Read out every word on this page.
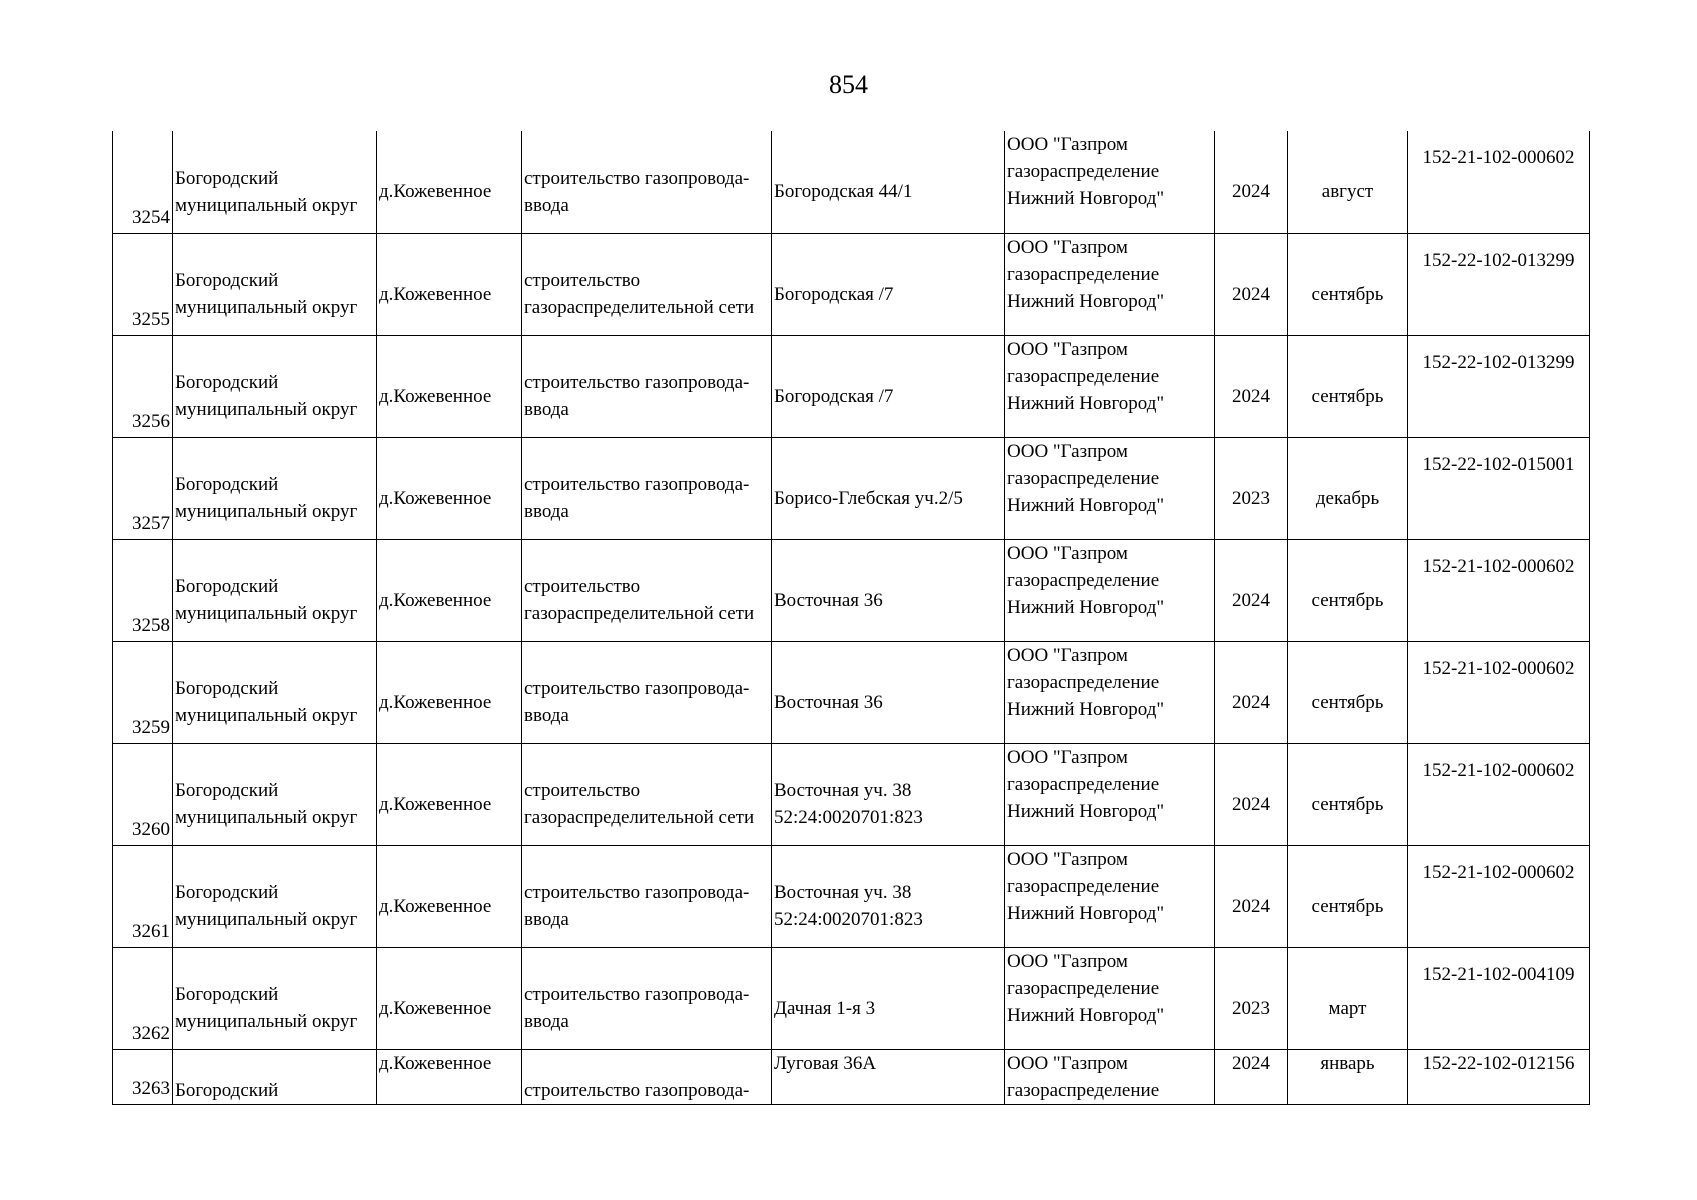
854
3254	Богородский
муниципальный округ	д.Кожевенное	строительство газопровода-
ввода	Богородская 44/1	ООО "Газпром
газораспределение
Нижний Новгород"	2024	август	152-21-102-000602

3255	Богородский
муниципальный округ	д.Кожевенное	строительство
газораспределительной сети	Богородская /7	ООО "Газпром
газораспределение
Нижний Новгород"	2024	сентябрь	152-22-102-013299

3256	Богородский
муниципальный округ	д.Кожевенное	строительство газопровода-
ввода	Богородская /7	ООО "Газпром
газораспределение
Нижний Новгород"	2024	сентябрь	152-22-102-013299

3257	Богородский
муниципальный округ	д.Кожевенное	строительство газопровода-
ввода	Борисо-Глебская уч.2/5	ООО "Газпром
газораспределение
Нижний Новгород"	2023	декабрь	152-22-102-015001

3258	Богородский
муниципальный округ	д.Кожевенное	строительство
газораспределительной сети	Восточная 36	ООО "Газпром
газораспределение
Нижний Новгород"	2024	сентябрь	152-21-102-000602

3259	Богородский
муниципальный округ	д.Кожевенное	строительство газопровода-
ввода	Восточная 36	ООО "Газпром
газораспределение
Нижний Новгород"	2024	сентябрь	152-21-102-000602

3260	Богородский
муниципальный округ	д.Кожевенное	строительство
газораспределительной сети	Восточная уч. 38
52:24:0020701:823	ООО "Газпром
газораспределение
Нижний Новгород"	2024	сентябрь	152-21-102-000602

3261	Богородский
муниципальный округ	д.Кожевенное	строительство газопровода-
ввода	Восточная уч. 38
52:24:0020701:823	ООО "Газпром
газораспределение
Нижний Новгород"	2024	сентябрь	152-21-102-000602

3262	Богородский
муниципальный округ	д.Кожевенное	строительство газопровода-
ввода	Дачная 1-я 3	ООО "Газпром
газораспределение
Нижний Новгород"	2023	март	152-21-102-004109

3263	Богородский	д.Кожевенное	строительство газопровода-	Луговая 36А	ООО "Газпром
газораспределение	2024	январь	152-22-102-012156
